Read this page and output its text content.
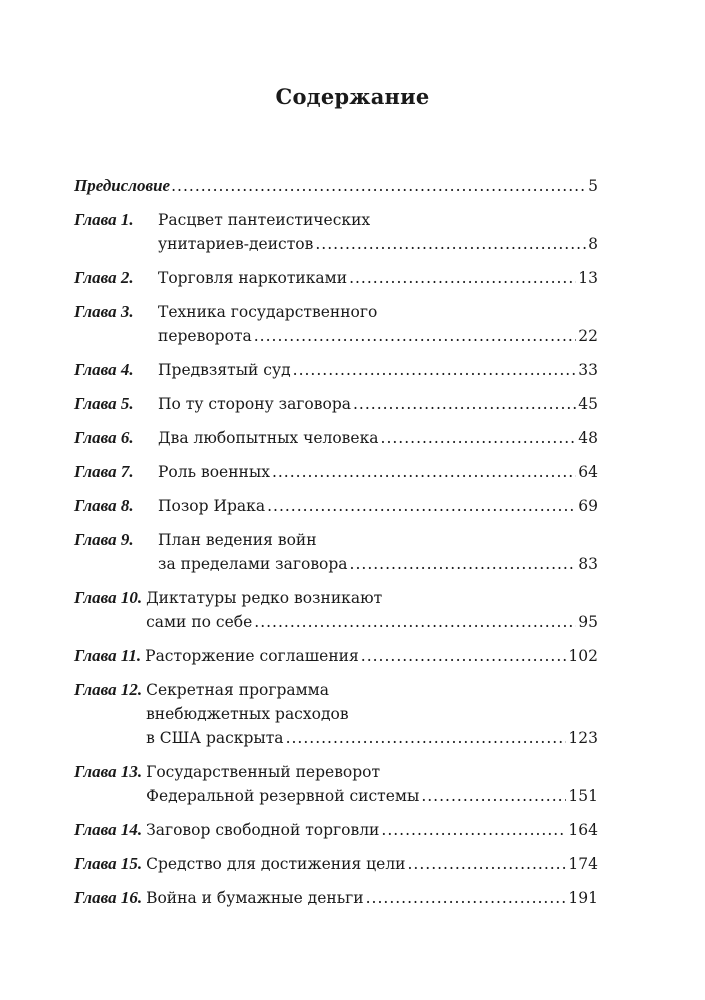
Содержание
Предисловие .....	5
Глава 1.	Расцвет пантеистических
унитариев-деистов .....	8
Глава 2.	Торговля наркотиками .....	13
Глава 3.	Техника государственного
переворота .....	22
Глава 4.	Предвзятый суд .....	33
Глава 5.	По ту сторону заговора .....	45
Глава 6.	Два любопытных человека .....	48
Глава 7.	Роль военных .....	64
Глава 8.	Позор Ирака .....	69
Глава 9.	План ведения войн
за пределами заговора .....	83
Глава 10. Диктатуры редко возникают
сами по себе .....	95
Глава 11. Расторжение соглашения .....	102
Глава 12. Секретная программа
внебюджетных расходов
в США раскрыта .....	123
Глава 13. Государственный переворот
Федеральной резервной системы .....	151
Глава 14. Заговор свободной торговли .....	164
Глава 15. Средство для достижения цели .....	174
Глава 16. Война и бумажные деньги .....	191
